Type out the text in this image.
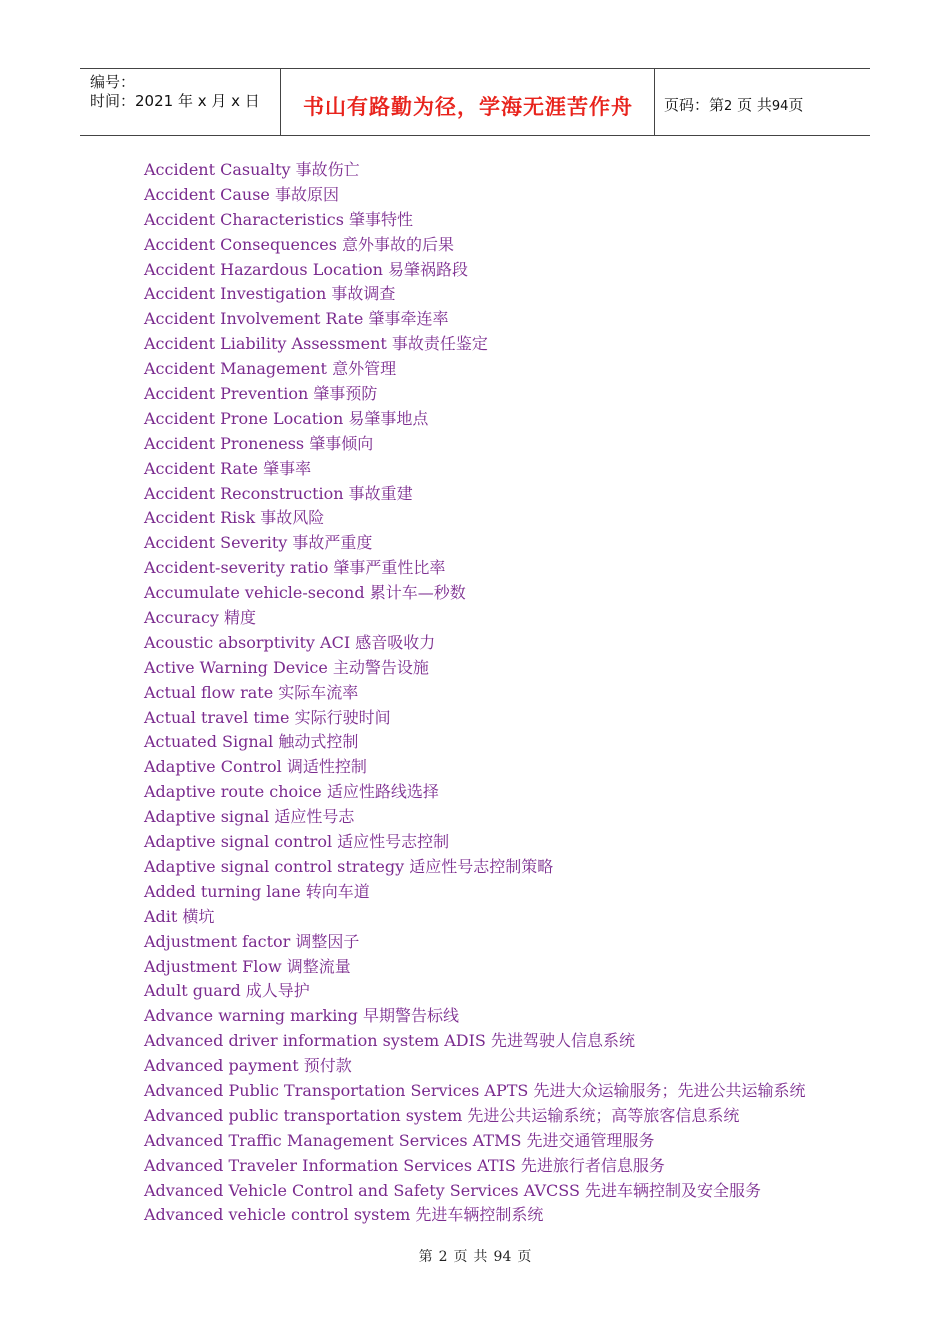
编号：
时间：2021 年 x 月 x 日	书山有路勤为径，学海无涯苦作舟	页码：第2 页 共94页
Accident Casualty 事故伤亡
Accident Cause 事故原因
Accident Characteristics 肇事特性
Accident Consequences 意外事故的后果
Accident Hazardous Location 易肇祸路段
Accident Investigation 事故调查
Accident Involvement Rate 肇事牵连率
Accident Liability Assessment 事故责任鉴定
Accident Management 意外管理
Accident Prevention 肇事预防
Accident Prone Location 易肇事地点
Accident Proneness 肇事倾向
Accident Rate 肇事率
Accident Reconstruction 事故重建
Accident Risk 事故风险
Accident Severity 事故严重度
Accident-severity ratio 肇事严重性比率
Accumulate vehicle-second 累计车—秒数
Accuracy 精度
Acoustic absorptivity ACI 感音吸收力
Active Warning Device 主动警告设施
Actual flow rate 实际车流率
Actual travel time 实际行驶时间
Actuated Signal 触动式控制
Adaptive Control 调适性控制
Adaptive route choice 适应性路线选择
Adaptive signal 适应性号志
Adaptive signal control 适应性号志控制
Adaptive signal control strategy 适应性号志控制策略
Added turning lane 转向车道
Adit 横坑
Adjustment factor 调整因子
Adjustment Flow 调整流量
Adult guard 成人导护
Advance warning marking 早期警告标线
Advanced driver information system ADIS 先进驾驶人信息系统
Advanced payment 预付款
Advanced Public Transportation Services APTS 先进大众运输服务；先进公共运输系统
Advanced public transportation system 先进公共运输系统；高等旅客信息系统
Advanced Traffic Management Services ATMS 先进交通管理服务
Advanced Traveler Information Services ATIS 先进旅行者信息服务
Advanced Vehicle Control and Safety Services AVCSS 先进车辆控制及安全服务
Advanced vehicle control system 先进车辆控制系统
第 2 页 共 94 页
